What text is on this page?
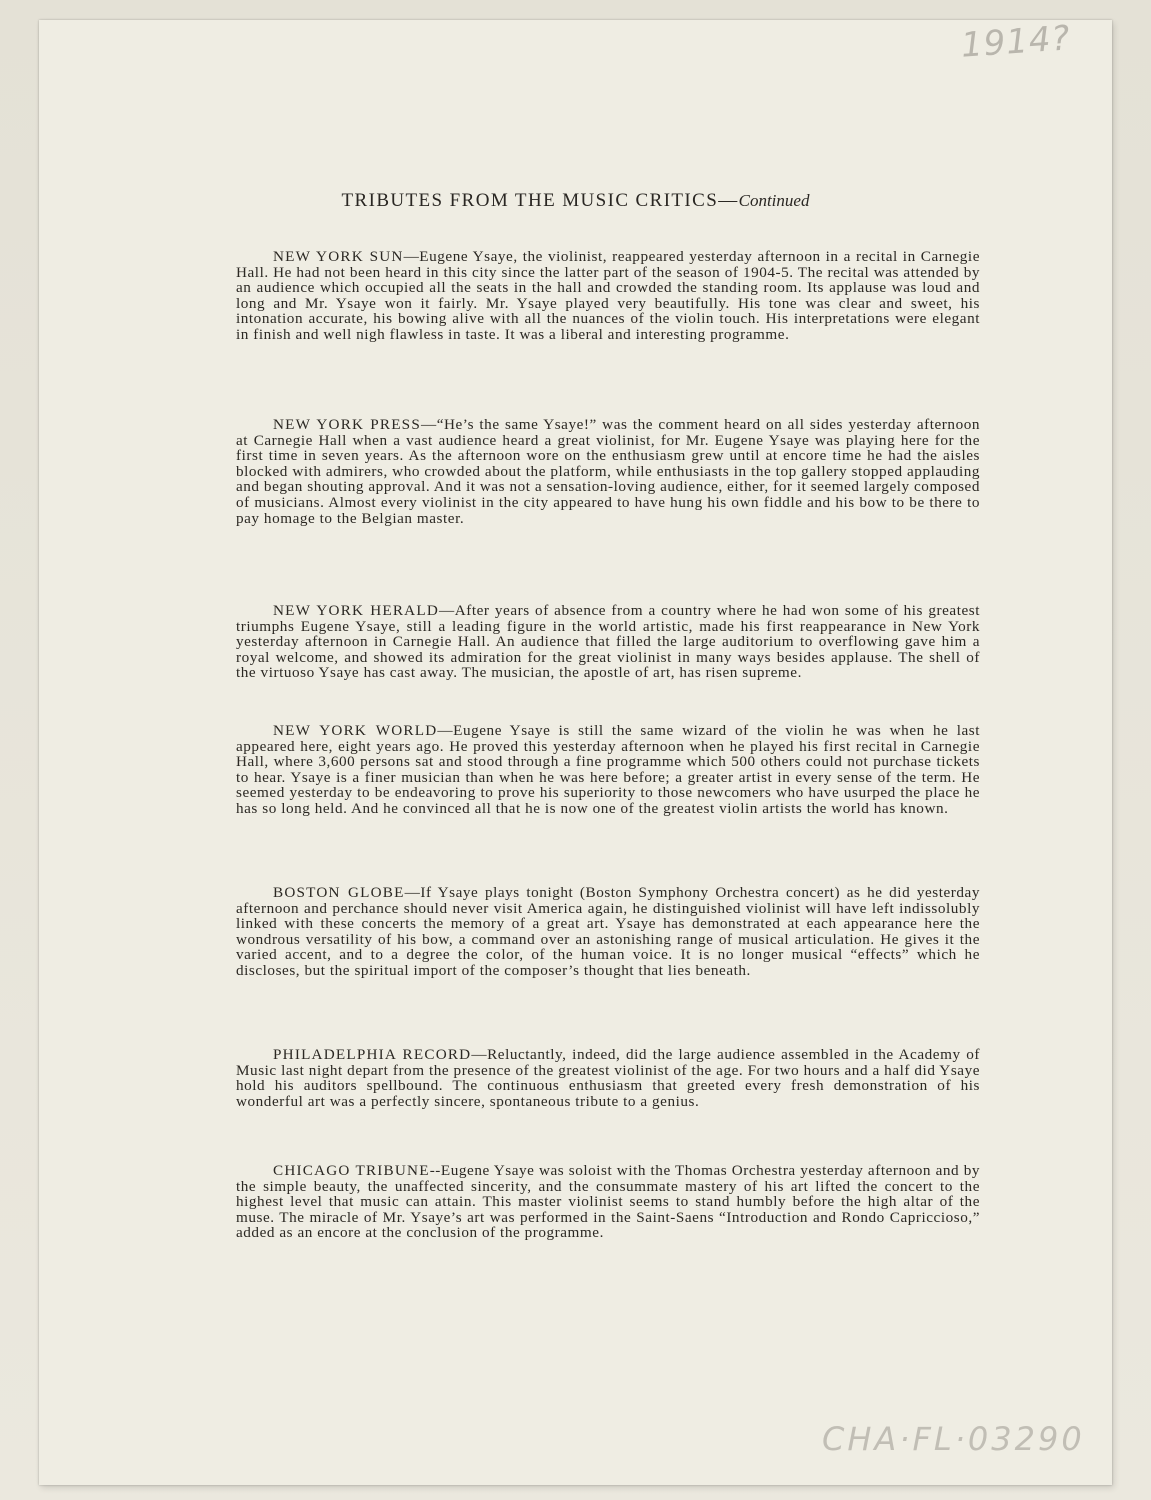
1914?
TRIBUTES FROM THE MUSIC CRITICS—Continued

NEW YORK SUN—Eugene Ysaye, the violinist, reappeared yesterday afternoon in a recital in Carnegie Hall. He had not been heard in this city since the latter part of the season of 1904-5. The recital was attended by an audience which occupied all the seats in the hall and crowded the standing room. Its applause was loud and long and Mr. Ysaye won it fairly. Mr. Ysaye played very beautifully. His tone was clear and sweet, his intonation accurate, his bowing alive with all the nuances of the violin touch. His interpretations were elegant in finish and well nigh flawless in taste. It was a liberal and interesting programme.

NEW YORK PRESS—“He’s the same Ysaye!” was the comment heard on all sides yesterday afternoon at Carnegie Hall when a vast audience heard a great violinist, for Mr. Eugene Ysaye was playing here for the first time in seven years. As the afternoon wore on the enthusiasm grew until at encore time he had the aisles blocked with admirers, who crowded about the platform, while enthusiasts in the top gallery stopped applauding and began shouting approval. And it was not a sensation-loving audience, either, for it seemed largely composed of musicians. Almost every violinist in the city appeared to have hung his own fiddle and his bow to be there to pay homage to the Belgian master.

NEW YORK HERALD—After years of absence from a country where he had won some of his greatest triumphs Eugene Ysaye, still a leading figure in the world artistic, made his first reappearance in New York yesterday afternoon in Carnegie Hall. An audience that filled the large auditorium to overflowing gave him a royal welcome, and showed its admiration for the great violinist in many ways besides applause. The shell of the virtuoso Ysaye has cast away. The musician, the apostle of art, has risen supreme.

NEW YORK WORLD—Eugene Ysaye is still the same wizard of the violin he was when he last appeared here, eight years ago. He proved this yesterday afternoon when he played his first recital in Carnegie Hall, where 3,600 persons sat and stood through a fine programme which 500 others could not purchase tickets to hear. Ysaye is a finer musician than when he was here before; a greater artist in every sense of the term. He seemed yesterday to be endeavoring to prove his superiority to those newcomers who have usurped the place he has so long held. And he convinced all that he is now one of the greatest violin artists the world has known.

BOSTON GLOBE—If Ysaye plays tonight (Boston Symphony Orchestra concert) as he did yesterday afternoon and perchance should never visit America again, he distinguished violinist will have left indissolubly linked with these concerts the memory of a great art. Ysaye has demonstrated at each appearance here the wondrous versatility of his bow, a command over an astonishing range of musical articulation. He gives it the varied accent, and to a degree the color, of the human voice. It is no longer musical “effects” which he discloses, but the spiritual import of the composer’s thought that lies beneath.

PHILADELPHIA RECORD—Reluctantly, indeed, did the large audience assembled in the Academy of Music last night depart from the presence of the greatest violinist of the age. For two hours and a half did Ysaye hold his auditors spellbound. The continuous enthusiasm that greeted every fresh demonstration of his wonderful art was a perfectly sincere, spontaneous tribute to a genius.

CHICAGO TRIBUNE--Eugene Ysaye was soloist with the Thomas Orchestra yesterday afternoon and by the simple beauty, the unaffected sincerity, and the consummate mastery of his art lifted the concert to the highest level that music can attain. This master violinist seems to stand humbly before the high altar of the muse. The miracle of Mr. Ysaye’s art was performed in the Saint-Saens “Introduction and Rondo Capriccioso,” added as an encore at the conclusion of the programme.

CHA·FL·03290
